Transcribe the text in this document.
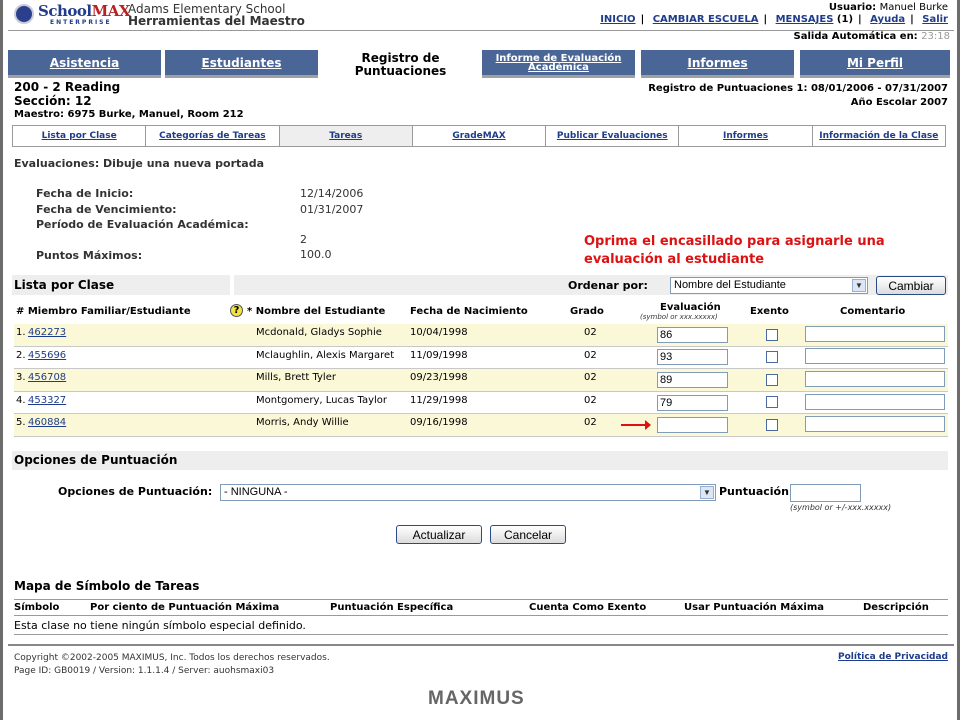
SchoolMAX
ENTERPRISE
Adams Elementary School
Herramientas del Maestro
Usuario: Manuel Burke
INICIO | CAMBIAR ESCUELA | MENSAJES (1) | Ayuda | Salir
Salida Automática en: 23:18
Asistencia	Estudiantes	Registro de Puntuaciones
Informe de Evaluación Académica	Informes	Mi Perfil
200 - 2 Reading
Sección: 12
Maestro: 6975 Burke, Manuel, Room 212
Registro de Puntuaciones 1: 08/01/2006 - 07/31/2007
Año Escolar 2007
Lista por Clase	Categorías de Tareas	Tareas	GradeMAX	Publicar Evaluaciones	Informes	Información de la Clase
Evaluaciones: Dibuje una nueva portada
Fecha de Inicio:	12/14/2006
Fecha de Vencimiento:	01/31/2007
Período de Evaluación Académica:
2
Puntos Máximos:	100.0
Oprima el encasillado para asignarle una evaluación al estudiante
Lista por Clase	Ordenar por:	Nombre del Estudiante	▼	Cambiar
# Miembro Familiar/Estudiante	? * Nombre del Estudiante Fecha de Nacimiento	Grado	Evaluación
(symbol or xxx.xxxxx)	Exento	Comentario
1. 462273	Mcdonald, Gladys Sophie	10/04/1998	02	86
2. 455696	Mclaughlin, Alexis Margaret 11/09/1998	02	93
3. 456708	Mills, Brett Tyler	09/23/1998	02	89
4. 453327	Montgomery, Lucas Taylor 11/29/1998	02	79
5. 460884	Morris, Andy Willie	09/16/1998	02
Opciones de Puntuación
Opciones de Puntuación:	- NINGUNA -	▼ Puntuación
(symbol or +/-xxx.xxxxx)
Actualizar	Cancelar
Mapa de Símbolo de Tareas
Símbolo	Por ciento de Puntuación Máxima	Puntuación Específica	Cuenta Como Exento	Usar Puntuación Máxima	Descripción
Esta clase no tiene ningún símbolo especial definido.
Copyright ©2002-2005 MAXIMUS, Inc. Todos los derechos reservados.
Page ID: GB0019 / Version: 1.1.1.4 / Server: auohsmaxi03
Política de Privacidad
MAXIMUS
